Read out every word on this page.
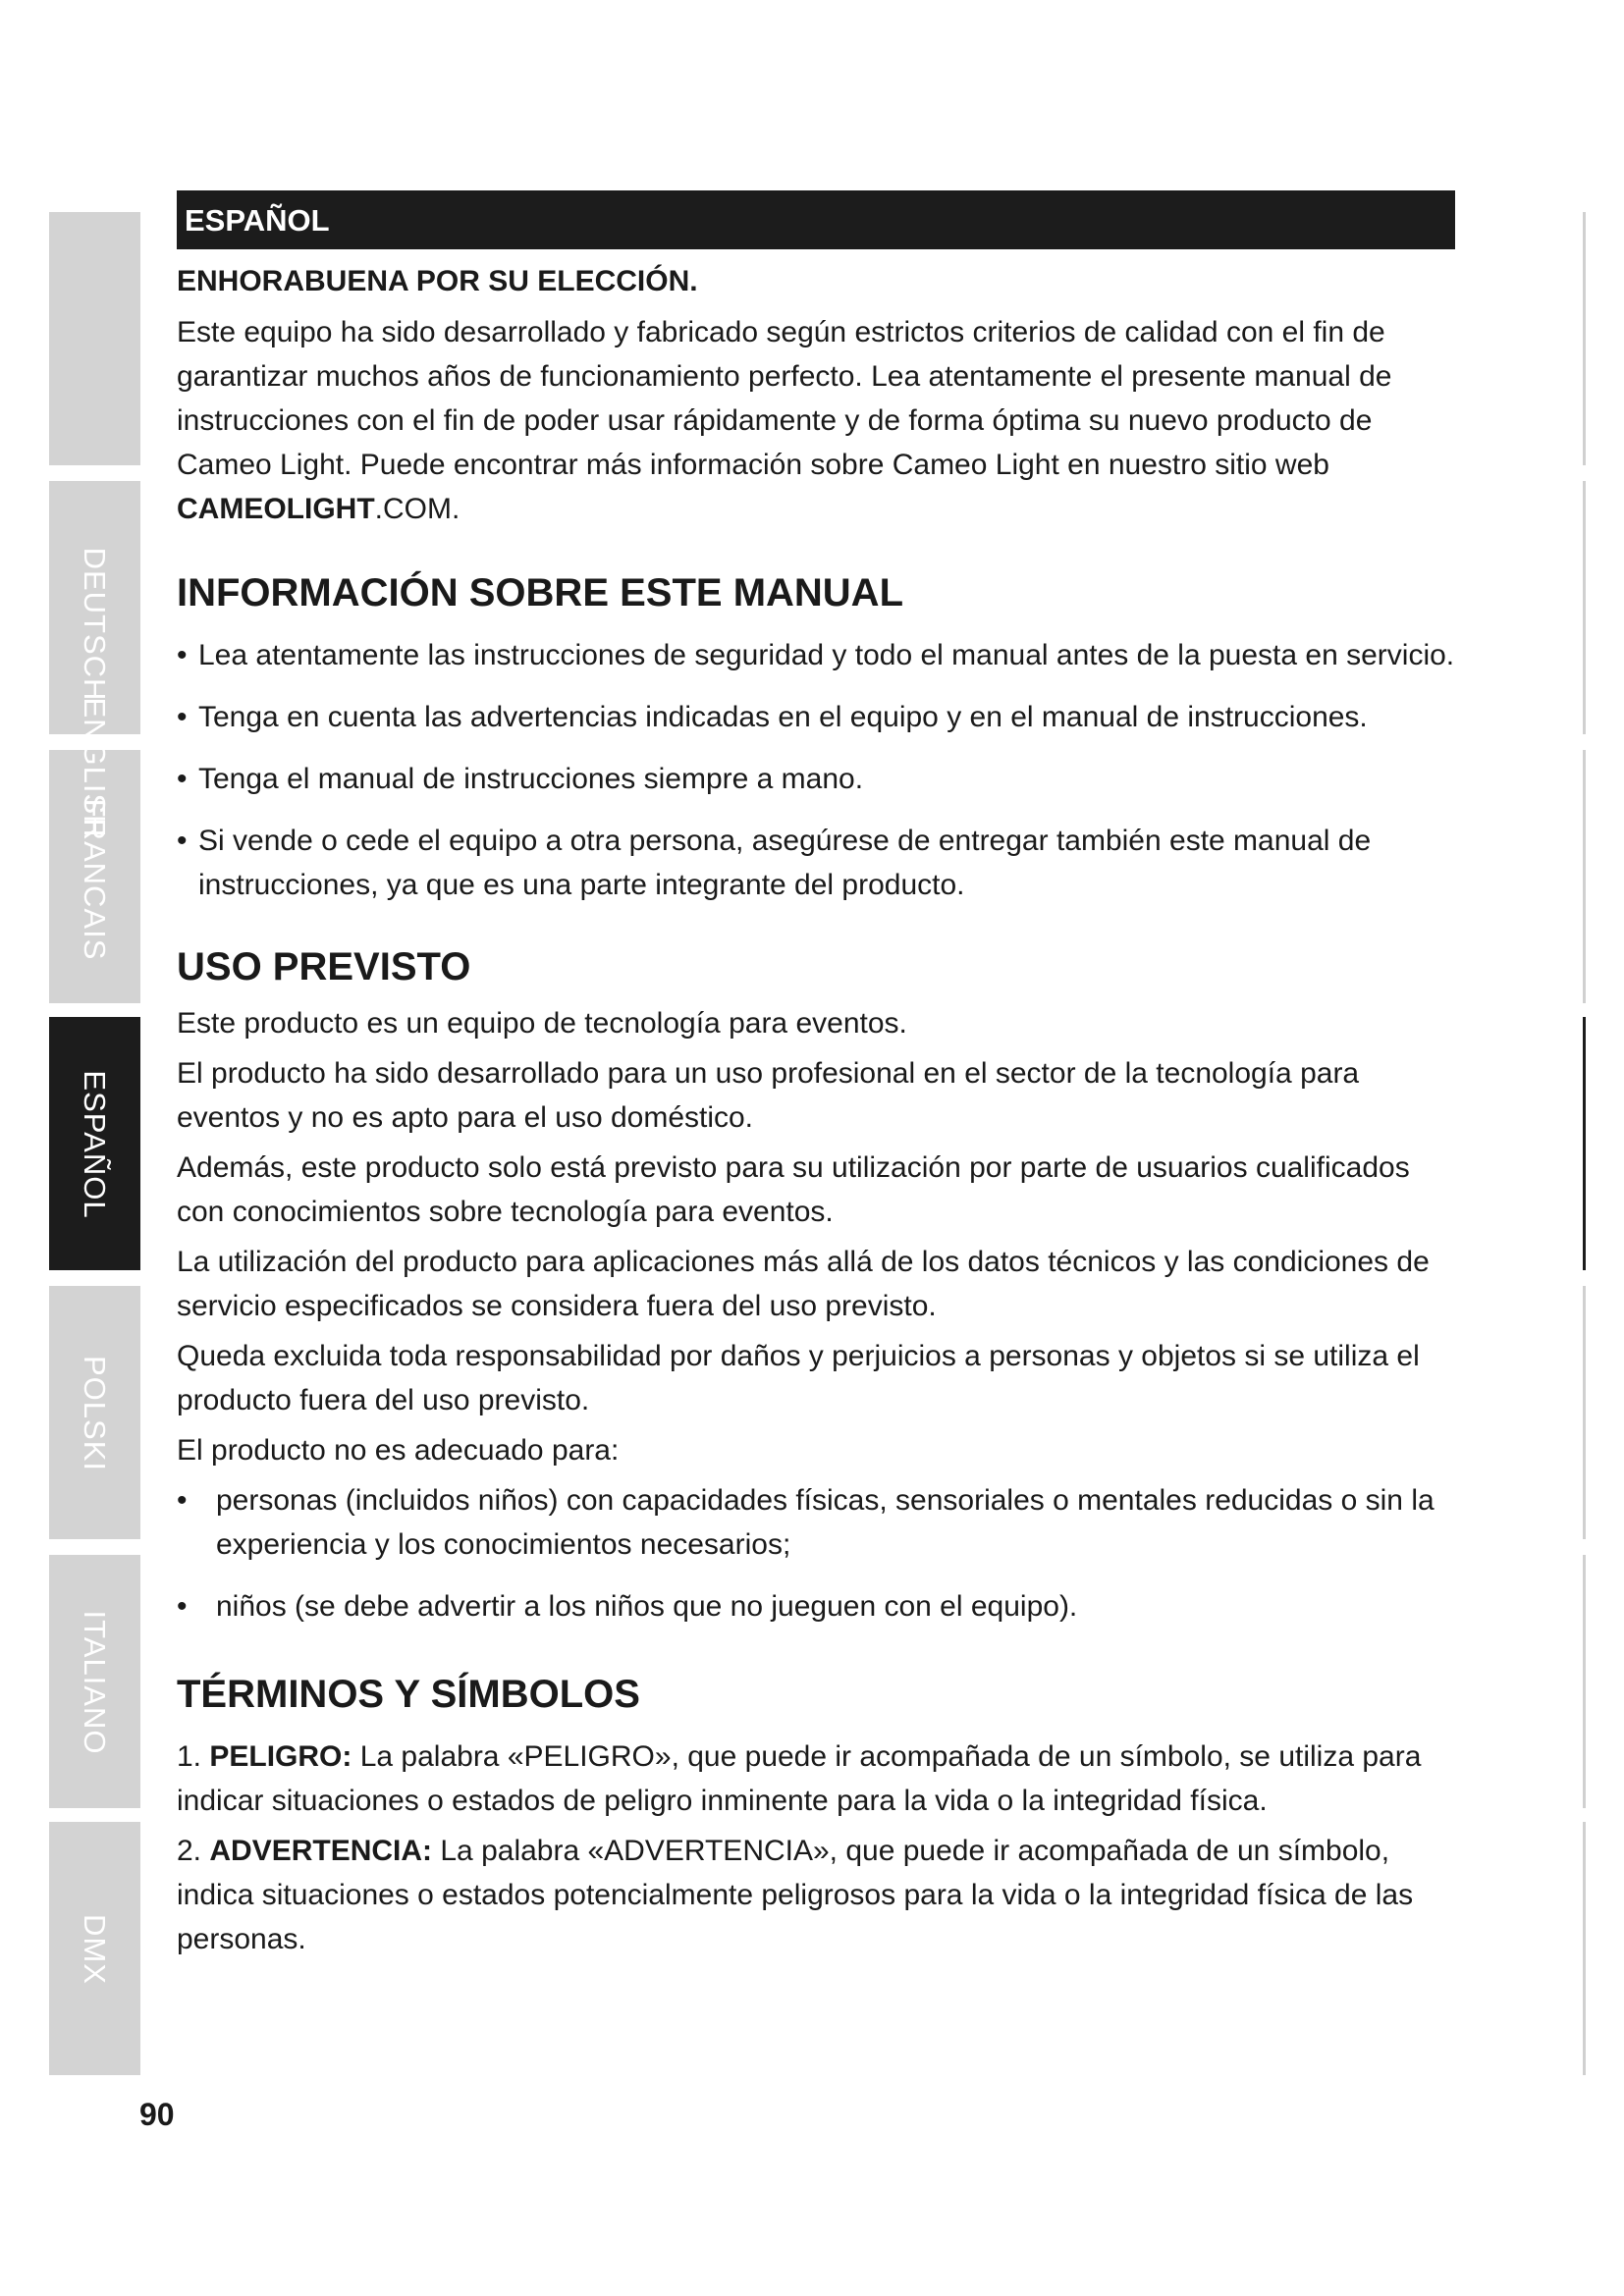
DEUTSCH
ENGLISH
FRANCAIS
ESPAÑOL
POLSKI
ITALIANO
DMX
ESPAÑOL
ENHORABUENA POR SU ELECCIÓN.

Este equipo ha sido desarrollado y fabricado según estrictos criterios de calidad con el fin de garantizar muchos años de funcionamiento perfecto. Lea atentamente el presente manual de instrucciones con el fin de poder usar rápidamente y de forma óptima su nuevo producto de Cameo Light. Puede encontrar más información sobre Cameo Light en nuestro sitio web CAMEOLIGHT.COM.

INFORMACIÓN SOBRE ESTE MANUAL
• Lea atentamente las instrucciones de seguridad y todo el manual antes de la puesta en servicio.
• Tenga en cuenta las advertencias indicadas en el equipo y en el manual de instrucciones.
• Tenga el manual de instrucciones siempre a mano.
• Si vende o cede el equipo a otra persona, asegúrese de entregar también este manual de instrucciones, ya que es una parte integrante del producto.
USO PREVISTO

Este producto es un equipo de tecnología para eventos.

El producto ha sido desarrollado para un uso profesional en el sector de la tecnología para eventos y no es apto para el uso doméstico.

Además, este producto solo está previsto para su utilización por parte de usuarios cualificados con conocimientos sobre tecnología para eventos.

La utilización del producto para aplicaciones más allá de los datos técnicos y las condiciones de servicio especificados se considera fuera del uso previsto.

Queda excluida toda responsabilidad por daños y perjuicios a personas y objetos si se utiliza el producto fuera del uso previsto.

El producto no es adecuado para:

• personas (incluidos niños) con capacidades físicas, sensoriales o mentales reducidas o sin la experiencia y los conocimientos necesarios;
• niños (se debe advertir a los niños que no jueguen con el equipo).
TÉRMINOS Y SÍMBOLOS

1. PELIGRO: La palabra «PELIGRO», que puede ir acompañada de un símbolo, se utiliza para indicar situaciones o estados de peligro inminente para la vida o la integridad física.

2. ADVERTENCIA: La palabra «ADVERTENCIA», que puede ir acompañada de un símbolo, indica situaciones o estados potencialmente peligrosos para la vida o la integridad física de las personas.

90
